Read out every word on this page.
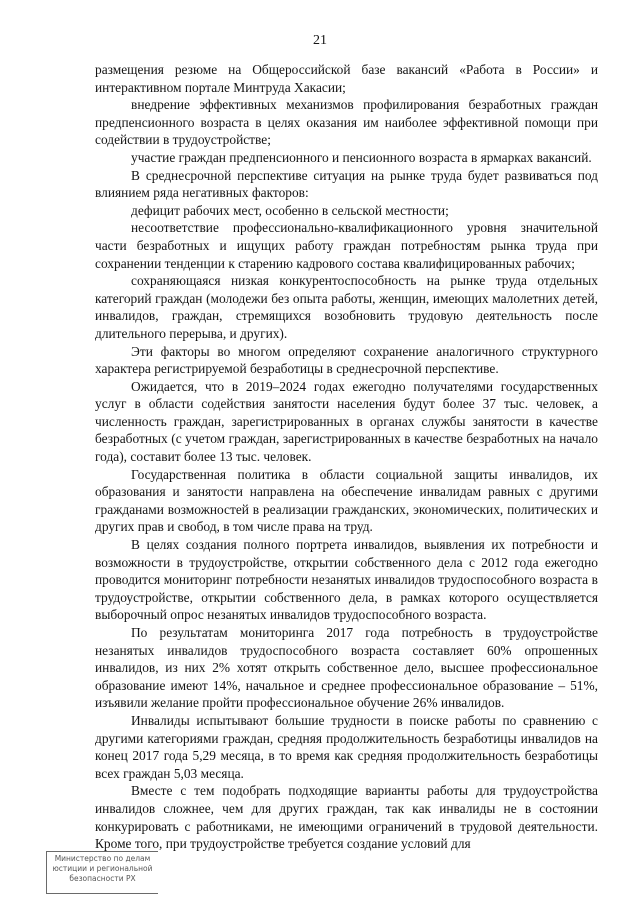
21

размещения резюме на Общероссийской базе вакансий «Работа в России» и интерактивном портале Минтруда Хакасии;

внедрение эффективных механизмов профилирования безработных граждан предпенсионного возраста в целях оказания им наиболее эффективной помощи при содействии в трудоустройстве;

участие граждан предпенсионного и пенсионного возраста в ярмарках вакансий.

В среднесрочной перспективе ситуация на рынке труда будет развиваться под влиянием ряда негативных факторов:

дефицит рабочих мест, особенно в сельской местности;

несоответствие профессионально-квалификационного уровня значительной части безработных и ищущих работу граждан потребностям рынка труда при сохранении тенденции к старению кадрового состава квалифицированных рабочих;

сохраняющаяся низкая конкурентоспособность на рынке труда отдельных категорий граждан (молодежи без опыта работы, женщин, имеющих малолетних детей, инвалидов, граждан, стремящихся возобновить трудовую деятельность после длительного перерыва, и других).

Эти факторы во многом определяют сохранение аналогичного структурного характера регистрируемой безработицы в среднесрочной перспективе.

Ожидается, что в 2019–2024 годах ежегодно получателями государственных услуг в области содействия занятости населения будут более 37 тыс. человек, а численность граждан, зарегистрированных в органах службы занятости в качестве безработных (с учетом граждан, зарегистрированных в качестве безработных на начало года), составит более 13 тыс. человек.

Государственная политика в области социальной защиты инвалидов, их образования и занятости направлена на обеспечение инвалидам равных с другими гражданами возможностей в реализации гражданских, экономических, политических и других прав и свобод, в том числе права на труд.

В целях создания полного портрета инвалидов, выявления их потребности и возможности в трудоустройстве, открытии собственного дела с 2012 года ежегодно проводится мониторинг потребности незанятых инвалидов трудоспособного возраста в трудоустройстве, открытии собственного дела, в рамках которого осуществляется выборочный опрос незанятых инвалидов трудоспособного возраста.

По результатам мониторинга 2017 года потребность в трудоустройстве незанятых инвалидов трудоспособного возраста составляет 60% опрошенных инвалидов, из них 2% хотят открыть собственное дело, высшее профессиональное образование имеют 14%, начальное и среднее профессиональное образование – 51%, изъявили желание пройти профессиональное обучение 26% инвалидов.

Инвалиды испытывают большие трудности в поиске работы по сравнению с другими категориями граждан, средняя продолжительность безработицы инвалидов на конец 2017 года 5,29 месяца, в то время как средняя продолжительность безработицы всех граждан 5,03 месяца.

Вместе с тем подобрать подходящие варианты работы для трудоустройства инвалидов сложнее, чем для других граждан, так как инвалиды не в состоянии конкурировать с работниками, не имеющими ограничений в трудовой деятельности. Кроме того, при трудоустройстве требуется создание условий для

Министерство по делам
юстиции и региональной
безопасности РХ
